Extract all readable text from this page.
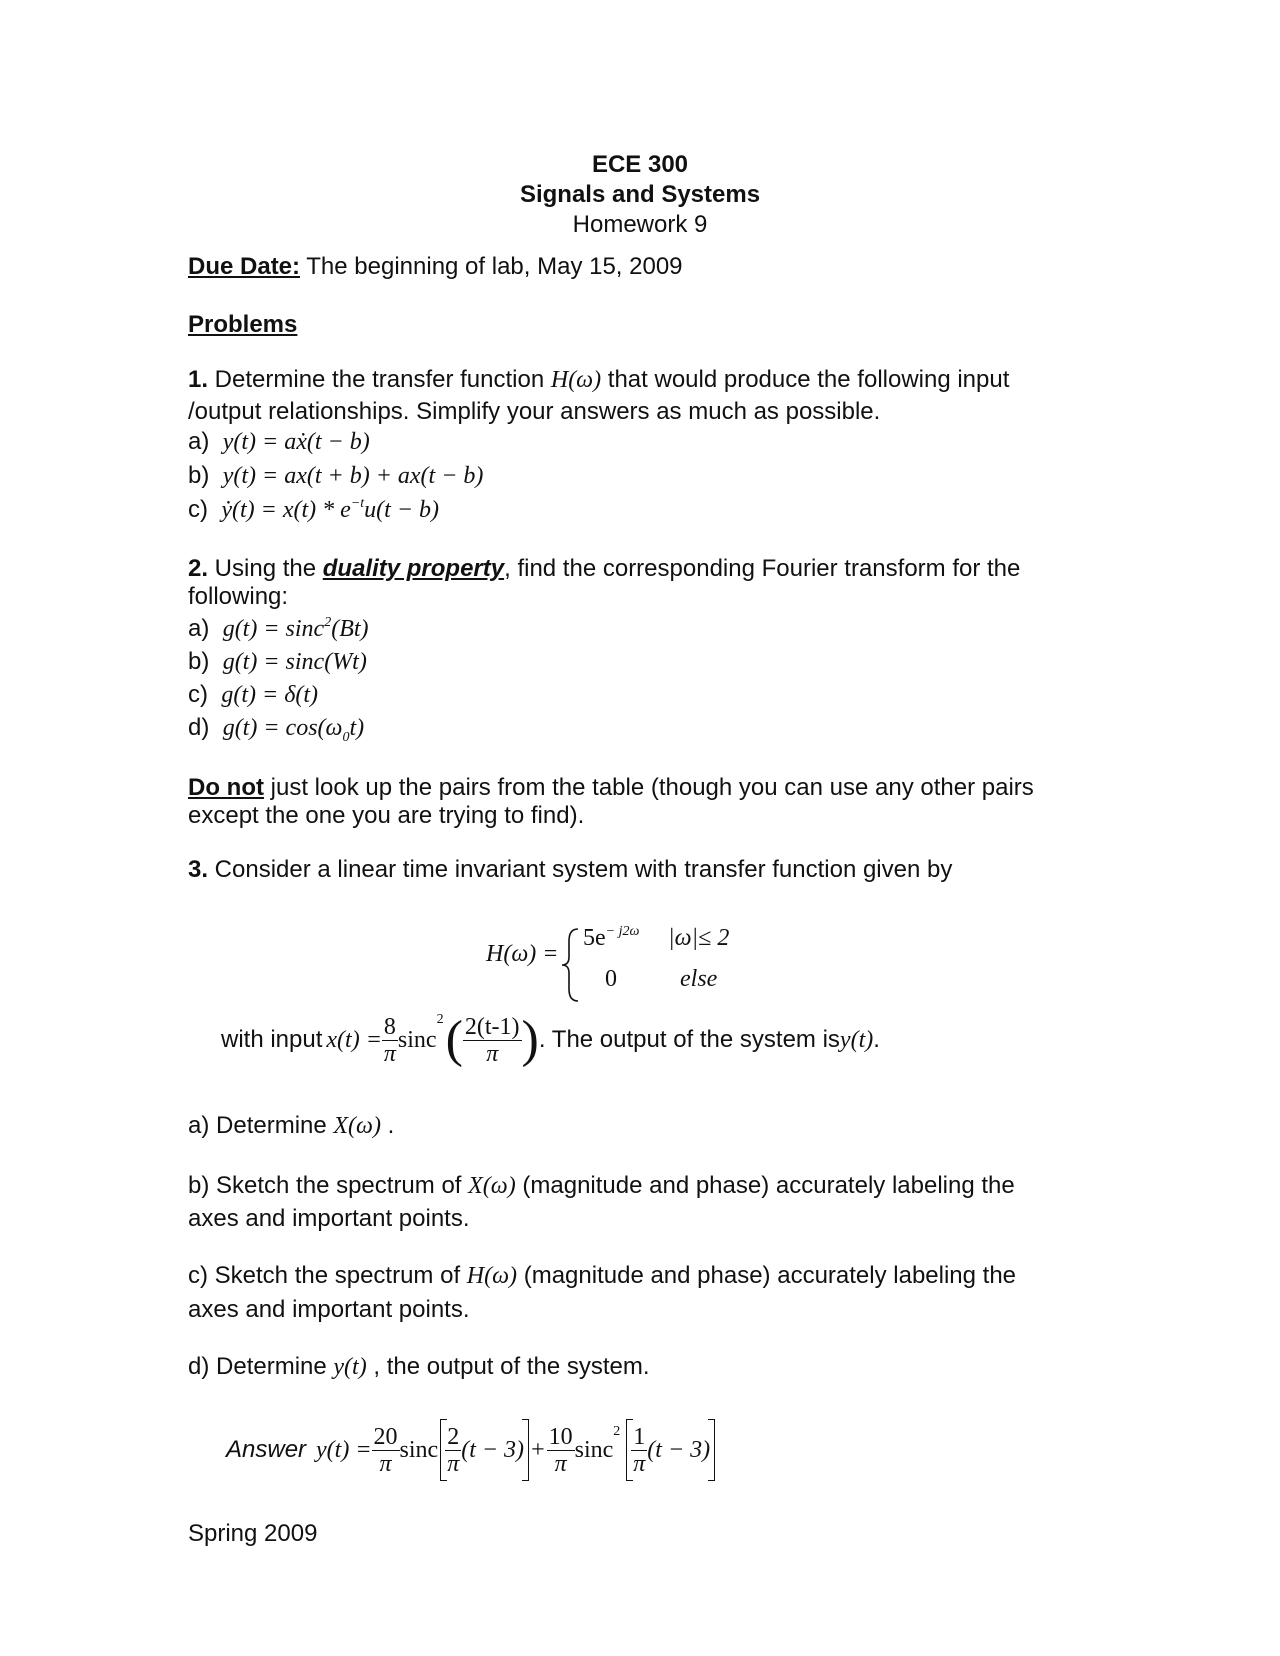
ECE 300
Signals and Systems
Homework 9
Due Date: The beginning of lab, May 15, 2009
Problems
1. Determine the transfer function H(ω) that would produce the following input
/output relationships. Simplify your answers as much as possible.
a) y(t) = aẋ(t − b)
b) y(t) = ax(t + b) + ax(t − b)
c) ẏ(t) = $x(t) * e^{-t}u(t - b)$
2. Using the duality property, find the corresponding Fourier transform for the
following:
a) g(t) = sinc$^2$(Bt)
b) g(t) = sinc(Wt)
c) g(t) = δ(t)
d) $g(t) = \cos(\omega_0t)$
Do not just look up the pairs from the table (though you can use any other pairs
except the one you are trying to find).
3. Consider a linear time invariant system with transfer function given by
H(ω) =
$5e^{- j2\omega}$ |ω|≤ 2
0	else
with input $x(t) = \frac{8}{\pi}$ sinc
2 ( $\frac{2(t-1)}{\pi}$ ) . The output of the system is y(t) .
a) Determine X(ω) .
b) Sketch the spectrum of X(ω) (magnitude and phase) accurately labeling the
axes and important points.
c) Sketch the spectrum of H(ω) (magnitude and phase) accurately labeling the
axes and important points.
d) Determine y(t) , the output of the system.
Answer $y(t) = \frac{20}{\pi}$ sinc $\frac{2}{\pi} (t - 3) + \frac{10}{\pi}$ sinc
$2 \frac{1}{\pi} (t - 3)$
Spring 2009
